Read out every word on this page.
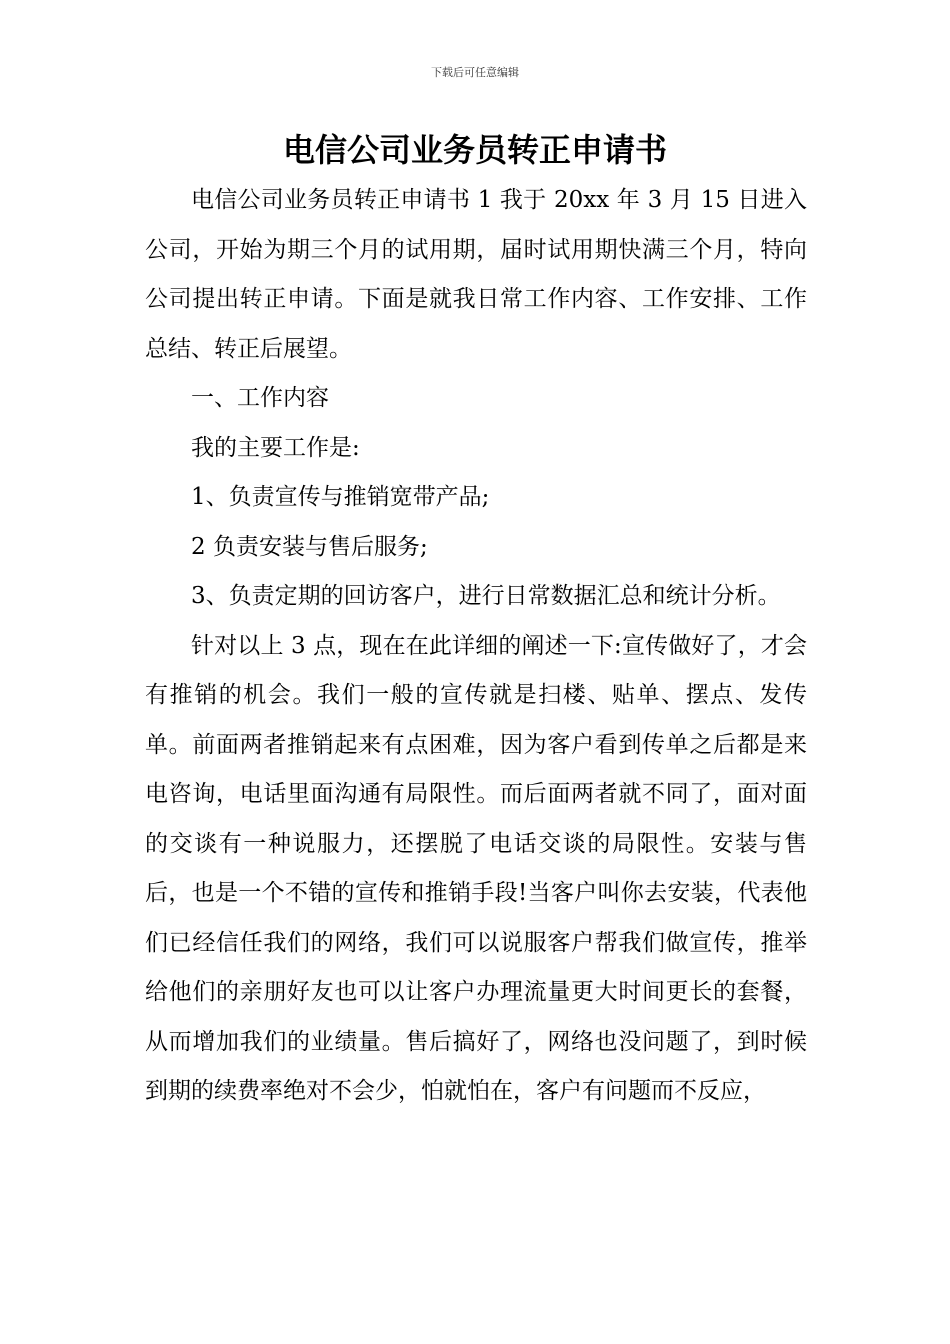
下载后可任意编辑
电信公司业务员转正申请书

电信公司业务员转正申请书 1 我于 20xx 年 3 月 15 日进入公司，开始为期三个月的试用期，届时试用期快满三个月，特向公司提出转正申请。下面是就我日常工作内容、工作安排、工作总结、转正后展望。

一、工作内容

我的主要工作是:

1、负责宣传与推销宽带产品;

2 负责安装与售后服务;

3、负责定期的回访客户，进行日常数据汇总和统计分析。

针对以上 3 点，现在在此详细的阐述一下:宣传做好了，才会有推销的机会。我们一般的宣传就是扫楼、贴单、摆点、发传单。前面两者推销起来有点困难，因为客户看到传单之后都是来电咨询，电话里面沟通有局限性。而后面两者就不同了，面对面的交谈有一种说服力，还摆脱了电话交谈的局限性。安装与售后，也是一个不错的宣传和推销手段!当客户叫你去安装，代表他们已经信任我们的网络，我们可以说服客户帮我们做宣传，推举给他们的亲朋好友也可以让客户办理流量更大时间更长的套餐，从而增加我们的业绩量。售后搞好了，网络也没问题了，到时候到期的续费率绝对不会少，怕就怕在，客户有问题而不反应，
